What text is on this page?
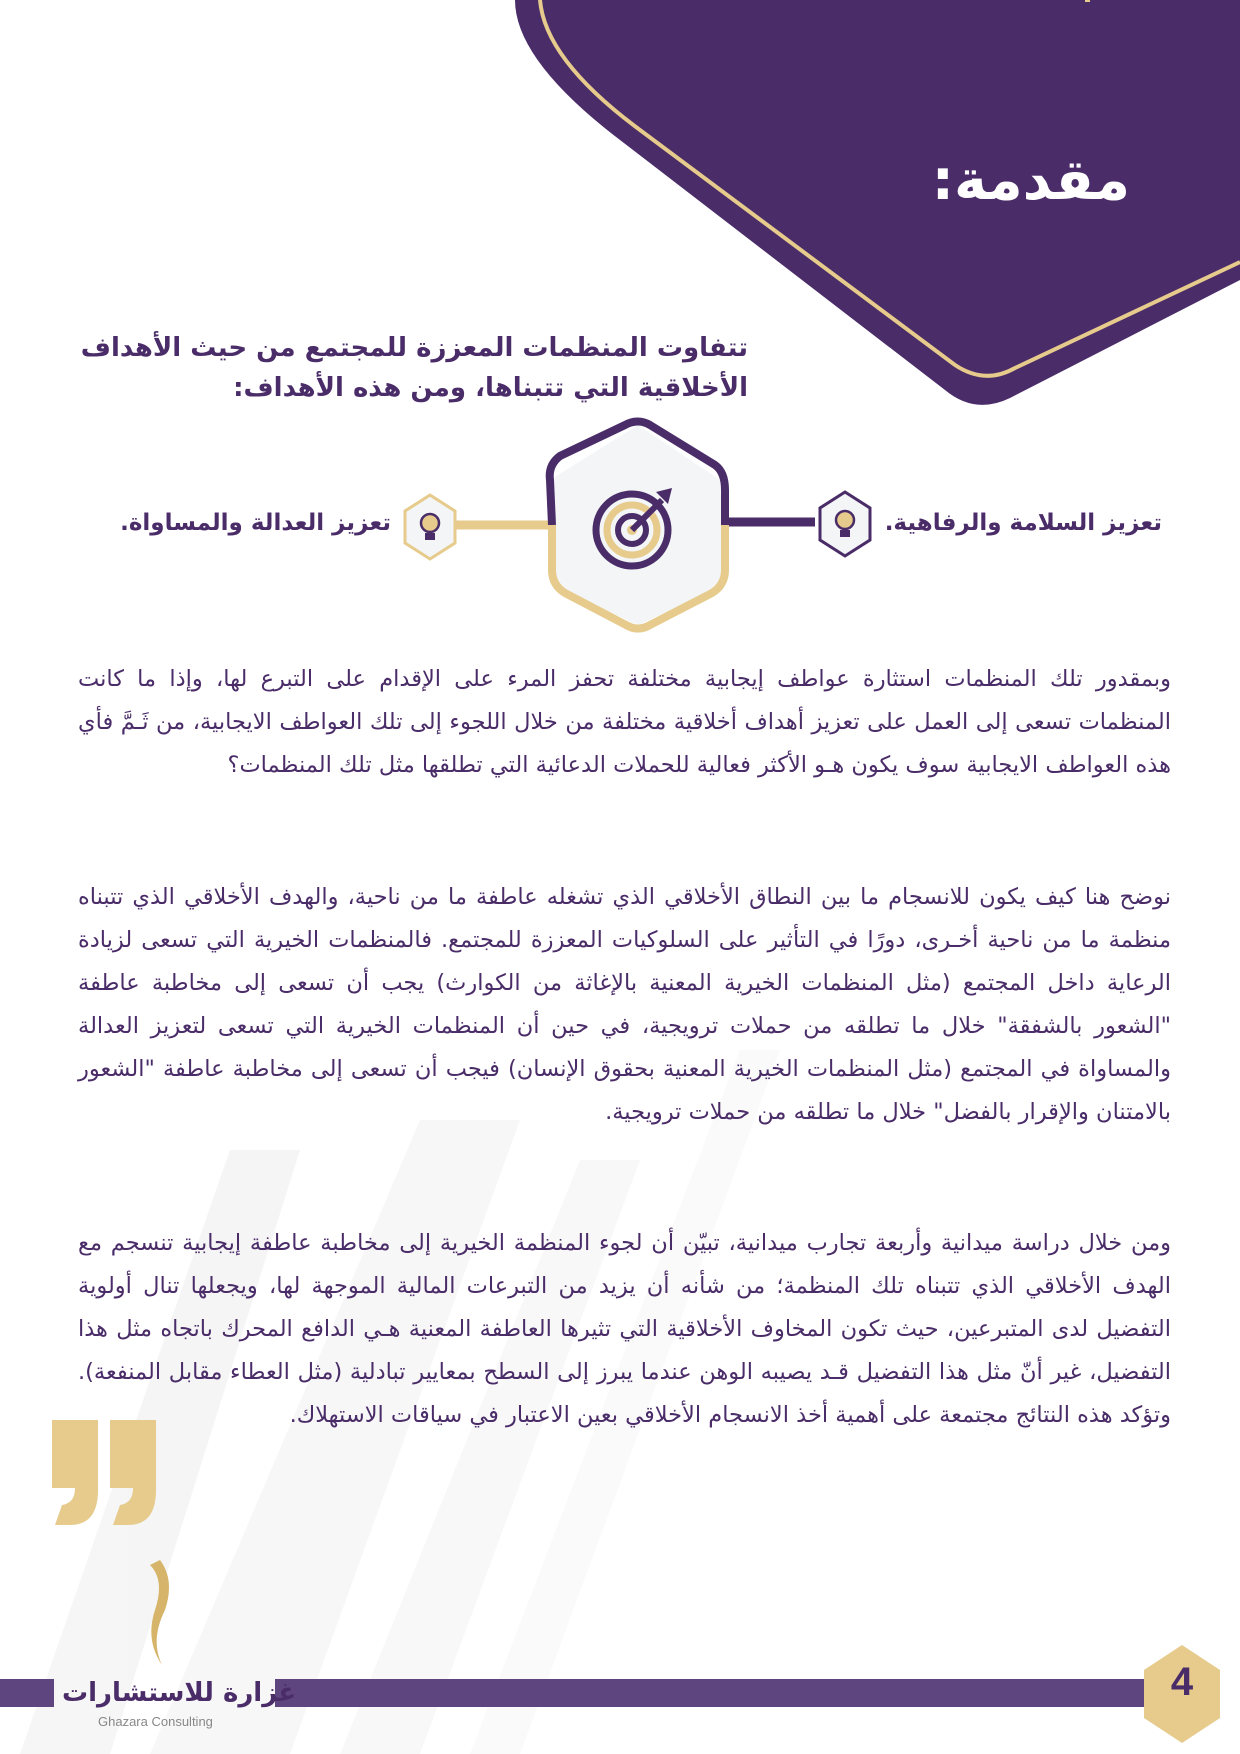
مقدمة:
تتفاوت المنظمات المعززة للمجتمع من حيث الأهداف الأخلاقية التي تتبناها، ومن هذه الأهداف:
تعزيز السلامة والرفاهية.
تعزيز العدالة والمساواة.
وبمقدور تلك المنظمات استثارة عواطف إيجابية مختلفة تحفز المرء على الإقدام على التبرع لها، وإذا ما كانت المنظمات تسعى إلى العمل على تعزيز أهداف أخلاقية مختلفة من خلال اللجوء إلى تلك العواطف الايجابية، من ثَـمَّ فأي هذه العواطف الايجابية سوف يكون هـو الأكثر فعالية للحملات الدعائية التي تطلقها مثل تلك المنظمات؟
نوضح هنا كيف يكون للانسجام ما بين النطاق الأخلاقي الذي تشغله عاطفة ما من ناحية، والهدف الأخلاقي الذي تتبناه منظمة ما من ناحية أخـرى، دورًا في التأثير على السلوكيات المعززة للمجتمع. فالمنظمات الخيرية التي تسعى لزيادة الرعاية داخل المجتمع (مثل المنظمات الخيرية المعنية بالإغاثة من الكوارث) يجب أن تسعى إلى مخاطبة عاطفة "الشعور بالشفقة" خلال ما تطلقه من حملات ترويجية، في حين أن المنظمات الخيرية التي تسعى لتعزيز العدالة والمساواة في المجتمع (مثل المنظمات الخيرية المعنية بحقوق الإنسان) فيجب أن تسعى إلى مخاطبة عاطفة "الشعور بالامتنان والإقرار بالفضل" خلال ما تطلقه من حملات ترويجية.
ومن خلال دراسة ميدانية وأربعة تجارب ميدانية، تبيّن أن لجوء المنظمة الخيرية إلى مخاطبة عاطفة إيجابية تنسجم مع الهدف الأخلاقي الذي تتبناه تلك المنظمة؛ من شأنه أن يزيد من التبرعات المالية الموجهة لها، ويجعلها تنال أولوية التفضيل لدى المتبرعين، حيث تكون المخاوف الأخلاقية التي تثيرها العاطفة المعنية هـي الدافع المحرك باتجاه مثل هذا التفضيل، غير أنّ مثل هذا التفضيل قـد يصيبه الوهن عندما يبرز إلى السطح بمعايير تبادلية (مثل العطاء مقابل المنفعة). وتؤكد هذه النتائج مجتمعة على أهمية أخذ الانسجام الأخلاقي بعين الاعتبار في سياقات الاستهلاك.
غزارة للاستشارات
Ghazara Consulting
4
